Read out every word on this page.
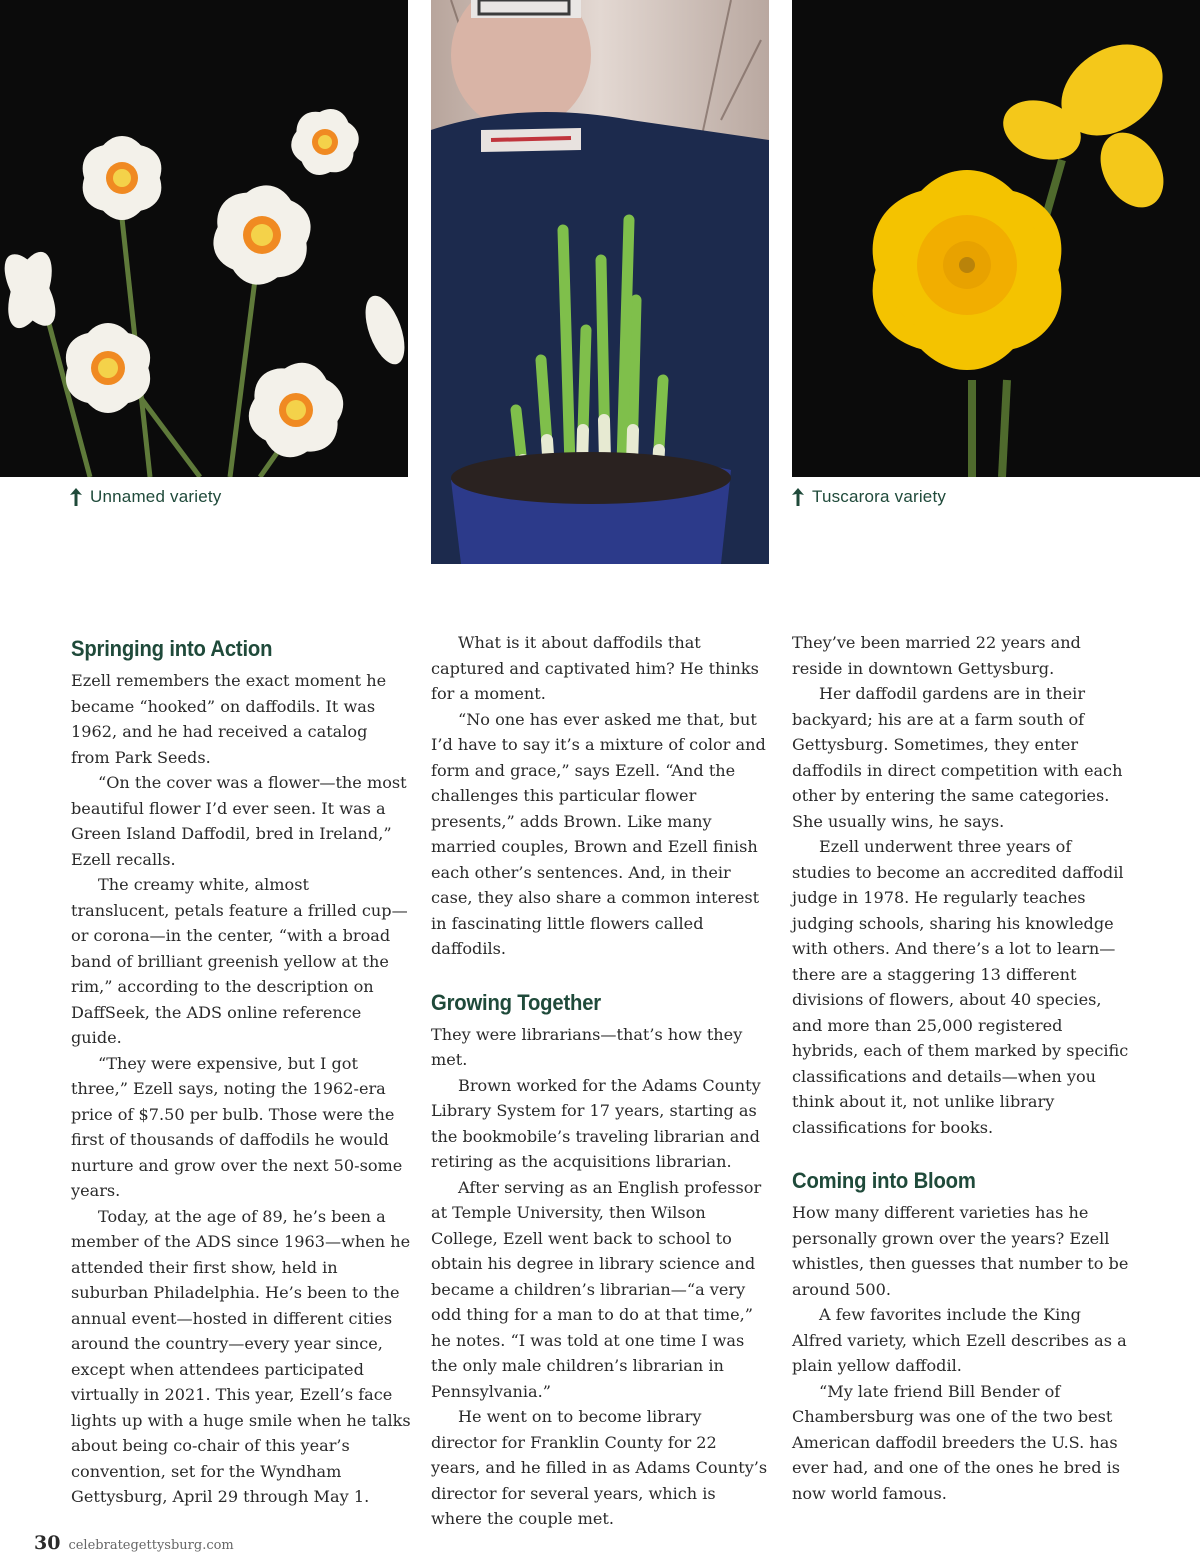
Unnamed variety	Tuscarora variety
Springing into Action

Ezell remembers the exact moment he became “hooked” on daffodils. It was 1962, and he had received a catalog from Park Seeds.

“On the cover was a flower—the most beautiful flower I’d ever seen. It was a Green Island Daffodil, bred in Ireland,” Ezell recalls.

The creamy white, almost translucent, petals feature a frilled cup—or corona—in the center, “with a broad band of brilliant greenish yellow at the rim,” according to the description on DaffSeek, the ADS online reference guide.

“They were expensive, but I got three,” Ezell says, noting the 1962-era price of $7.50 per bulb. Those were the first of thousands of daffodils he would nurture and grow over the next 50-some years.

Today, at the age of 89, he’s been a member of the ADS since 1963—when he attended their first show, held in suburban Philadelphia. He’s been to the annual event—hosted in different cities around the country—every year since, except when attendees participated virtually in 2021. This year, Ezell’s face lights up with a huge smile when he talks about being co-chair of this year’s convention, set for the Wyndham Gettysburg, April 29 through May 1.

What is it about daffodils that captured and captivated him? He thinks for a moment.

“No one has ever asked me that, but I’d have to say it’s a mixture of color and form and grace,” says Ezell. “And the challenges this particular flower presents,” adds Brown. Like many married couples, Brown and Ezell finish each other’s sentences. And, in their case, they also share a common interest in fascinating little flowers called daffodils.

Growing Together

They were librarians—that’s how they met.

Brown worked for the Adams County Library System for 17 years, starting as the bookmobile’s traveling librarian and retiring as the acquisitions librarian.

After serving as an English professor at Temple University, then Wilson College, Ezell went back to school to obtain his degree in library science and became a children’s librarian—“a very odd thing for a man to do at that time,” he notes. “I was told at one time I was the only male children’s librarian in Pennsylvania.”

He went on to become library director for Franklin County for 22 years, and he filled in as Adams County’s director for several years, which is where the couple met.

They’ve been married 22 years and reside in downtown Gettysburg.

Her daffodil gardens are in their backyard; his are at a farm south of Gettysburg. Sometimes, they enter daffodils in direct competition with each other by entering the same categories. She usually wins, he says.

Ezell underwent three years of studies to become an accredited daffodil judge in 1978. He regularly teaches judging schools, sharing his knowledge with others. And there’s a lot to learn—there are a staggering 13 different divisions of flowers, about 40 species, and more than 25,000 registered hybrids, each of them marked by specific classifications and details—when you think about it, not unlike library classifications for books.

Coming into Bloom

How many different varieties has he personally grown over the years? Ezell whistles, then guesses that number to be around 500.

A few favorites include the King Alfred variety, which Ezell describes as a plain yellow daffodil.

“My late friend Bill Bender of Chambersburg was one of the two best American daffodil breeders the U.S. has ever had, and one of the ones he bred is now world famous.

30 celebrategettysburg.com
